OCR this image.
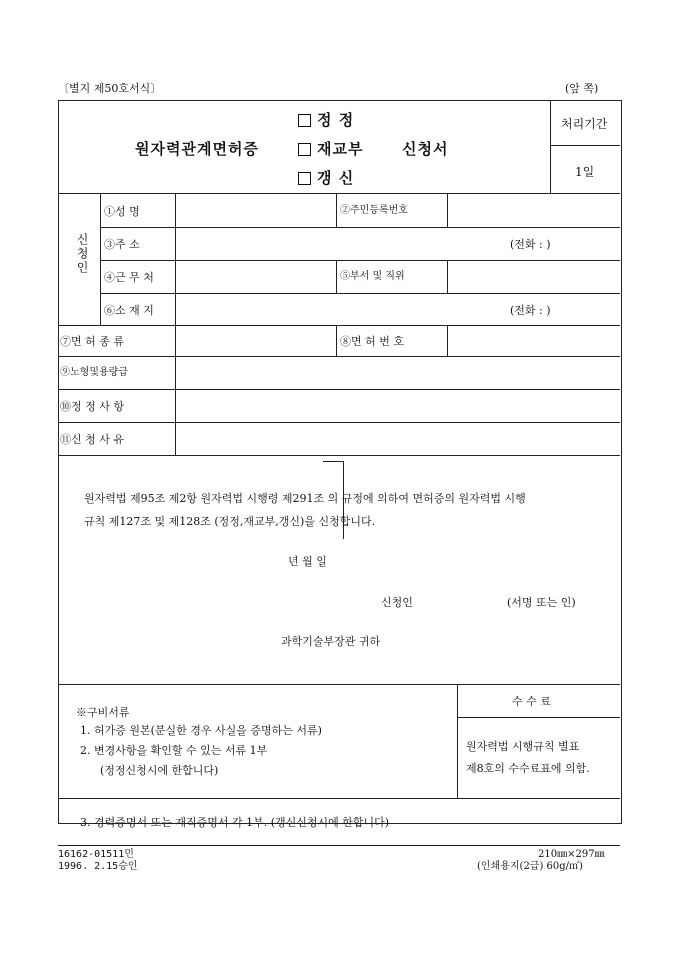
〔별지 제50호서식〕	(앞 쪽)
처리기간
1일
원자력관계면허증
정 정
재교부
갱 신
신청서
신청인
①성 명	②주민등록번호
③주 소	(전화 : )
④근 무 처	⑤부서 및 직위
⑥소 재 지	(전화 : )
⑦면 허 종 류	⑧면 허 번 호
⑨노형및용량급
⑩정 정 사 항
⑪신 청 사 유
원자력법 제95조 제2항 원자력법 시행령 제291조 의 규정에 의하여 면허증의 원자력법 시행
규칙 제127조 및 제128조 (정정,재교부,갱신)을 신청합니다.
년 월 일
신청인	(서명 또는 인)
과학기술부장관 귀하
수 수 료
원자력법 시행규칙 별표
제8호의 수수료표에 의함.
※구비서류
1. 허가증 원본(분실한 경우 사실을 증명하는 서류)
2. 변경사항을 확인할 수 있는 서류 1부
(정정신청시에 한합니다)
3. 경력증명서 또는 재직증명서 각 1부. (갱신신청시에 한합니다)
16162-01511민
1996. 2.15승인
210㎜×297㎜
(인쇄용지(2급) 60g/㎡)
